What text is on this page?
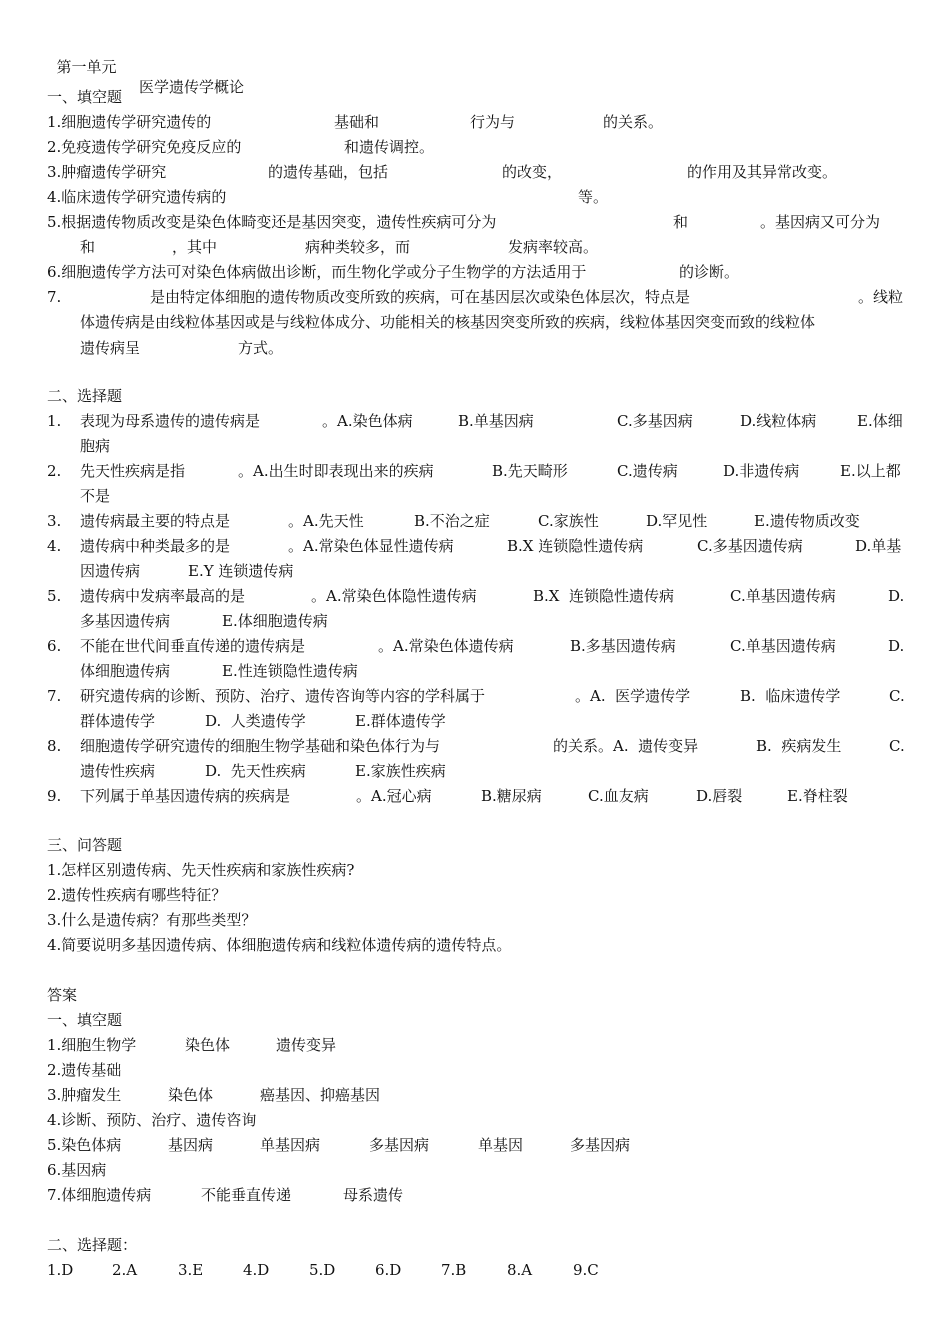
第一单元

医学遗传学概论

一、填空题
1.细胞遗传学研究遗传的	基础和	行为与	的关系。
2.免疫遗传学研究免疫反应的	和遗传调控。
3.肿瘤遗传学研究	的遗传基础，包括	的改变，	的作用及其异常改变。
4.临床遗传学研究遗传病的	等。
5.根据遗传物质改变是染色体畸变还是基因突变，遗传性疾病可分为	和	。基因病又可分为
和	，其中	病种类较多，而	发病率较高。
6.细胞遗传学方法可对染色体病做出诊断，而生物化学或分子生物学的方法适用于	的诊断。
7.	是由特定体细胞的遗传物质改变所致的疾病，可在基因层次或染色体层次，特点是	。线粒
体遗传病是由线粒体基因或是与线粒体成分、功能相关的核基因突变所致的疾病，线粒体基因突变而致的线粒体
遗传病呈	方式。
二、选择题
1. 表现为母系遗传的遗传病是	。A.染色体病	B.单基因病	C.多基因病	D.线粒体病	E.体细
胞病
2. 先天性疾病是指	。A.出生时即表现出来的疾病	B.先天畸形	C.遗传病	D.非遗传病	E.以上都
不是
3. 遗传病最主要的特点是	。A.先天性	B.不治之症	C.家族性	D.罕见性	E.遗传物质改变
4. 遗传病中种类最多的是	。A.常染色体显性遗传病	B.X 连锁隐性遗传病	C.多基因遗传病	D.单基
因遗传病	E.Y 连锁遗传病
5. 遗传病中发病率最高的是	。A.常染色体隐性遗传病	B.X  连锁隐性遗传病	C.单基因遗传病	D.
多基因遗传病	E.体细胞遗传病
6. 不能在世代间垂直传递的遗传病是	。A.常染色体遗传病	B.多基因遗传病	C.单基因遗传病	D.
体细胞遗传病	E.性连锁隐性遗传病
7. 研究遗传病的诊断、预防、治疗、遗传咨询等内容的学科属于	。A.  医学遗传学	B.  临床遗传学	C.
群体遗传学	D.  人类遗传学	E.群体遗传学
8. 细胞遗传学研究遗传的细胞生物学基础和染色体行为与	的关系。A.  遗传变异	B.  疾病发生	C.
遗传性疾病	D.  先天性疾病	E.家族性疾病
9. 下列属于单基因遗传病的疾病是	。A.冠心病	B.糖尿病	C.血友病	D.唇裂	E.脊柱裂
三、问答题
1.怎样区别遗传病、先天性疾病和家族性疾病?
2.遗传性疾病有哪些特征？
3.什么是遗传病？有那些类型？
4.简要说明多基因遗传病、体细胞遗传病和线粒体遗传病的遗传特点。
答案
一、填空题
1.细胞生物学	染色体	遗传变异
2.遗传基础
3.肿瘤发生	染色体	癌基因、抑癌基因
4.诊断、预防、治疗、遗传咨询
5.染色体病	基因病	单基因病	多基因病	单基因	多基因病
6.基因病
7.体细胞遗传病	不能垂直传递	母系遗传
二、选择题：
1.D	2.A	3.E	4.D	5.D	6.D	7.B	8.A	9.C
